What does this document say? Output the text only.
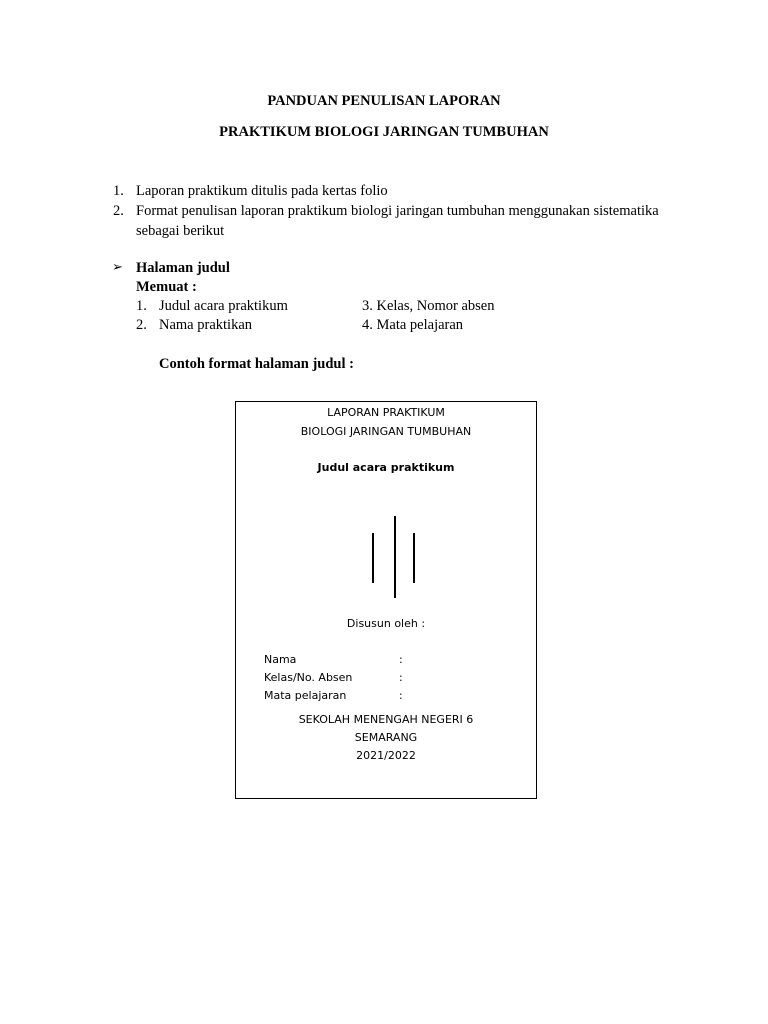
PANDUAN PENULISAN LAPORAN
PRAKTIKUM BIOLOGI JARINGAN TUMBUHAN
1. Laporan praktikum ditulis pada kertas folio
2. Format penulisan laporan praktikum biologi jaringan tumbuhan menggunakan sistematika
sebagai berikut
➢ Halaman judul
Memuat :
1. Judul acara praktikum	3. Kelas, Nomor absen
2. Nama praktikan	4. Mata pelajaran
Contoh format halaman judul :
LAPORAN PRAKTIKUM
BIOLOGI JARINGAN TUMBUHAN
Judul acara praktikum
Disusun oleh :
Nama	:
Kelas/No. Absen	:
Mata pelajaran	:
SEKOLAH MENENGAH NEGERI 6
SEMARANG
2021/2022
